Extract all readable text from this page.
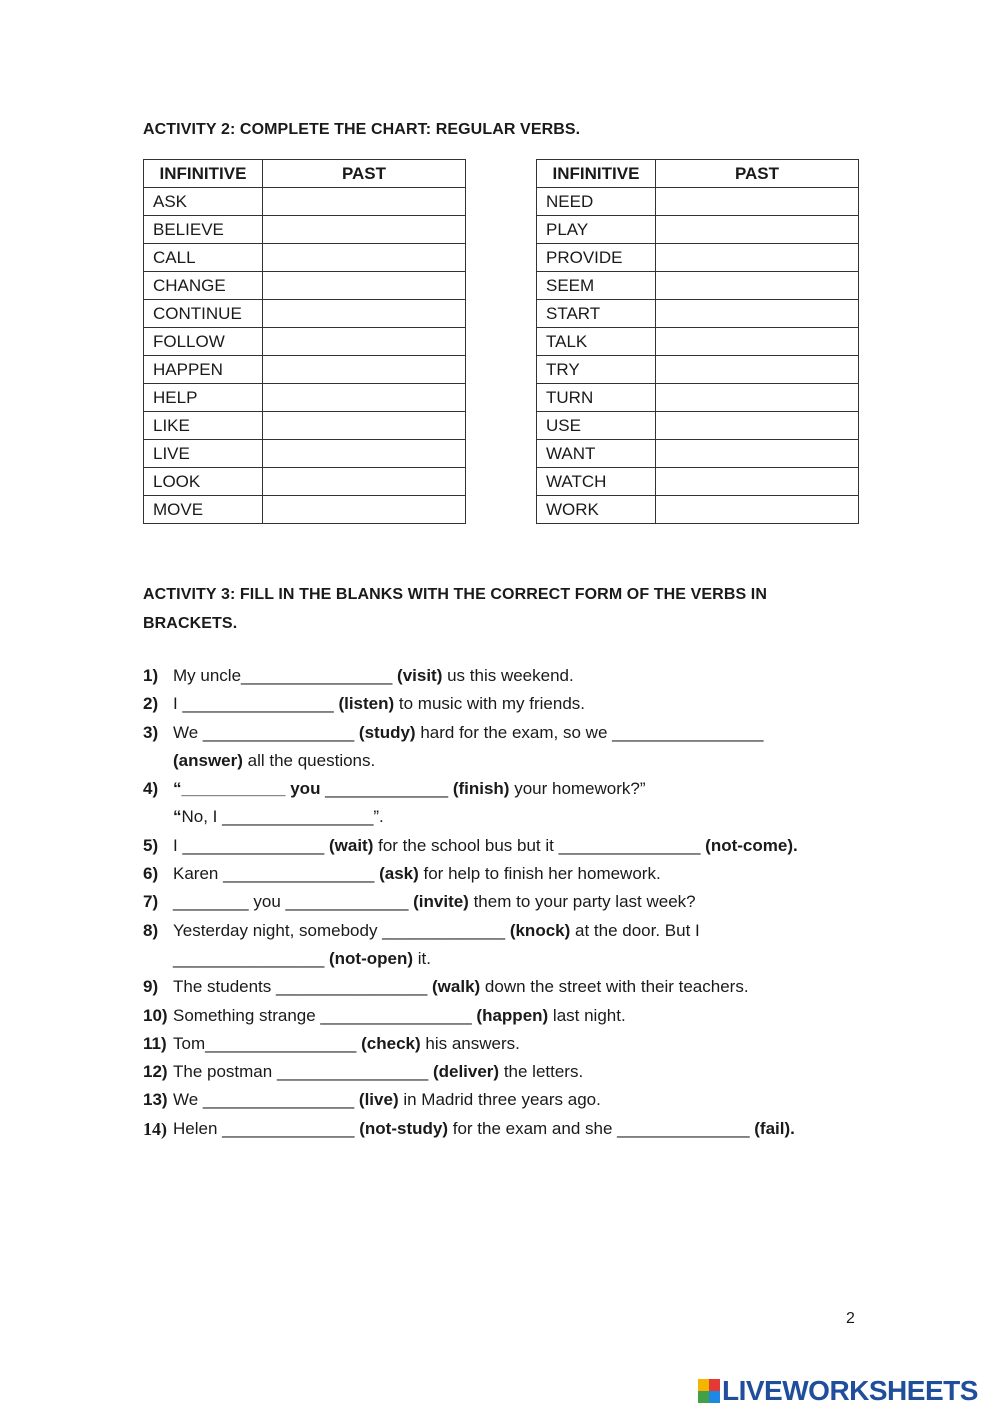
ACTIVITY 2: COMPLETE THE CHART: REGULAR VERBS.
INFINITIVE	PAST
ASK	
BELIEVE	
CALL	
CHANGE	
CONTINUE	
FOLLOW	
HAPPEN	
HELP	
LIKE	
LIVE	
LOOK	
MOVE	
INFINITIVE	PAST
NEED	
PLAY	
PROVIDE	
SEEM	
START	
TALK	
TRY	
TURN	
USE	
WANT	
WATCH	
WORK	
ACTIVITY 3: FILL IN THE BLANKS WITH THE CORRECT FORM OF THE VERBS IN BRACKETS.
1) My uncle________________ (visit) us this weekend.
2) I ________________ (listen) to music with my friends.
3) We ________________ (study) hard for the exam, so we ________________
(answer) all the questions.
4) “___________ you _____________ (finish) your homework?”
“No, I ________________”.
5) I _______________ (wait) for the school bus but it _______________ (not-come).
6) Karen ________________ (ask) for help to finish her homework.
7) ________ you _____________ (invite) them to your party last week?
8) Yesterday night, somebody _____________ (knock) at the door. But I
________________ (not-open) it.
9) The students ________________ (walk) down the street with their teachers.
10) Something strange ________________ (happen) last night.
11) Tom________________ (check) his answers.
12) The postman ________________ (deliver) the letters.
13) We ________________ (live) in Madrid three years ago.
14) Helen ______________ (not-study) for the exam and she ______________ (fail).
2
LIVEWORKSHEETS
